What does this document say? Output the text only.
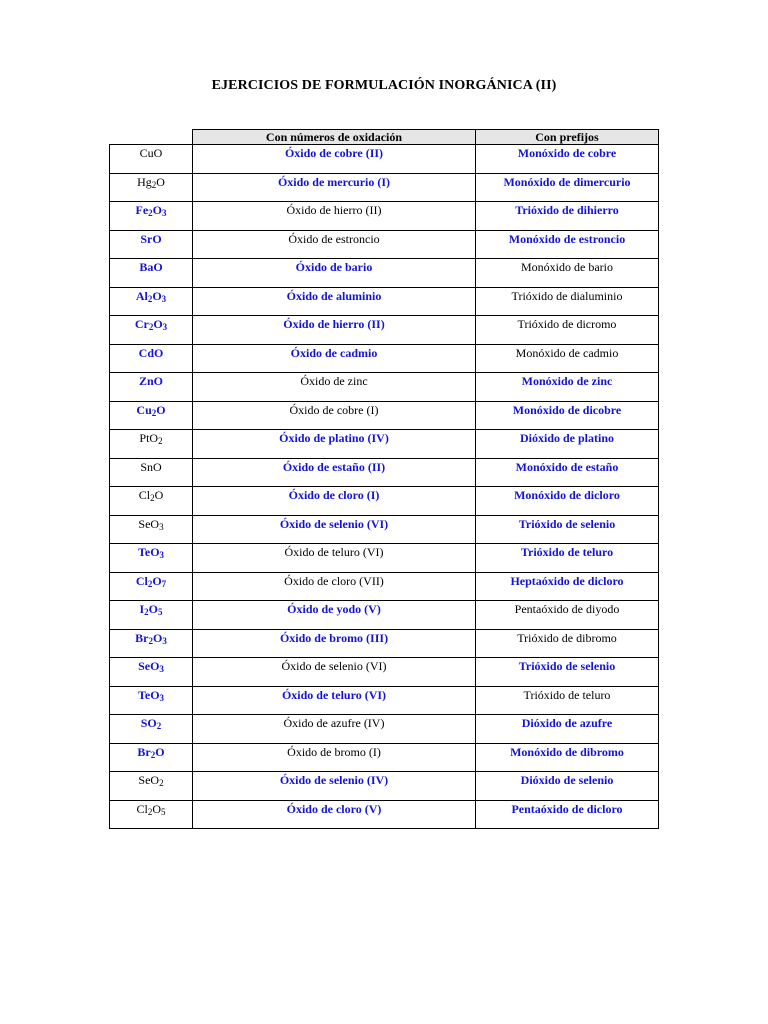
EJERCICIOS DE FORMULACIÓN INORGÁNICA (II)
	Con números de oxidación	Con prefijos
CuO	Óxido de cobre (II)	Monóxido de cobre
$Hg_2O$	Óxido de mercurio (I)	Monóxido de dimercurio
$Fe_2O_3$	Óxido de hierro (II)	Trióxido de dihierro
SrO	Óxido de estroncio	Monóxido de estroncio
BaO	Óxido de bario	Monóxido de bario
$Al_2O_3$	Óxido de aluminio	Trióxido de dialuminio
$Cr_2O_3$	Óxido de hierro (II)	Trióxido de dicromo
CdO	Óxido de cadmio	Monóxido de cadmio
ZnO	Óxido de zinc	Monóxido de zinc
$Cu_2O$	Óxido de cobre (I)	Monóxido de dicobre
PtO$_2$	Óxido de platino (IV)	Dióxido de platino
SnO	Óxido de estaño (II)	Monóxido de estaño
$Cl_2O$	Óxido de cloro (I)	Monóxido de dicloro
SeO$_3$	Óxido de selenio (VI)	Trióxido de selenio
TeO$_3$	Óxido de teluro (VI)	Trióxido de teluro
$Cl_2O_7$	Óxido de cloro (VII)	Heptaóxido de dicloro
$I_2O_5$	Óxido de yodo (V)	Pentaóxido de diyodo
$Br_2O_3$	Óxido de bromo (III)	Trióxido de dibromo
SeO$_3$	Óxido de selenio (VI)	Trióxido de selenio
TeO$_3$	Óxido de teluro (VI)	Trióxido de teluro
$SO_2$	Óxido de azufre (IV)	Dióxido de azufre
$Br_2O$	Óxido de bromo (I)	Monóxido de dibromo
SeO$_2$	Óxido de selenio (IV)	Dióxido de selenio
$Cl_2O_5$	Óxido de cloro (V)	Pentaóxido de dicloro
